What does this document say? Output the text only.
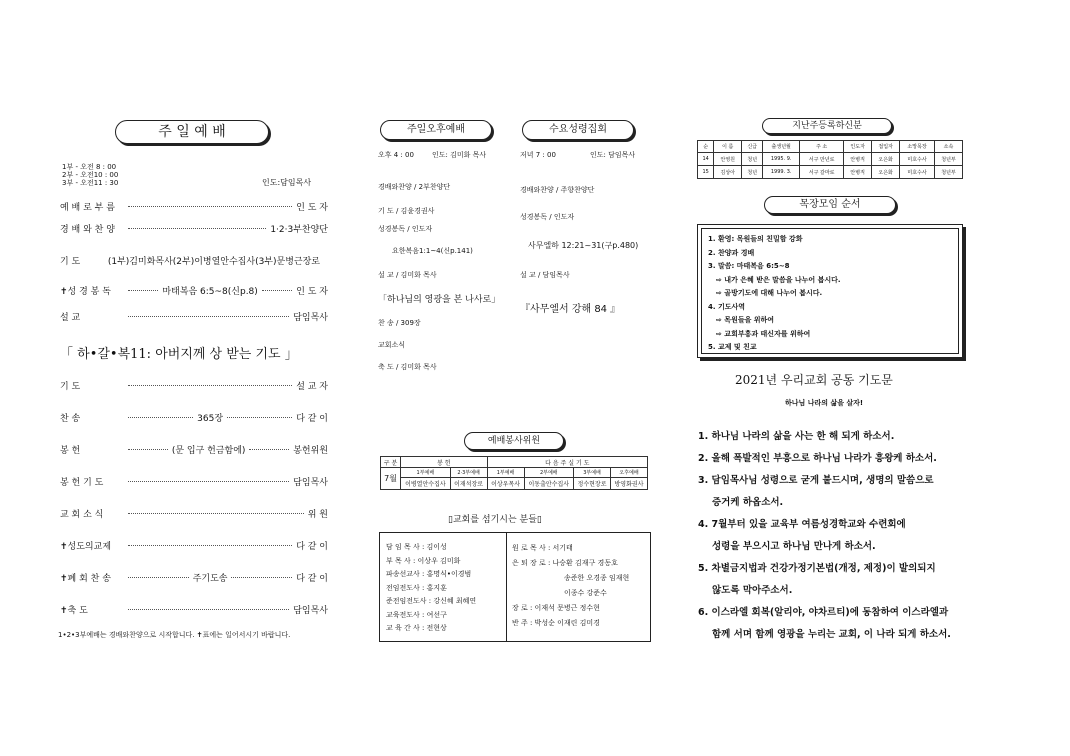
주 일 예 배
1부 - 오전 8 : 00
2부 - 오전10 : 00
3부 - 오전11 : 30	인도:담임목사
예 배 로 부 름	인 도 자
경 배 와 찬 양	1·2·3부찬양단
기 도	(1부)김미화목사(2부)이병열안수집사(3부)문병근장로
✝성 경 봉 독	마태복음 6:5~8(신p.8)	인 도 자
설 교	담임목사
「 하•갈•복11: 아버지께 상 받는 기도 」
기 도	설 교 자
찬 송	365장	다 같 이
봉 헌	(문 입구 헌금함에)	봉헌위원
봉 헌 기 도	담임목사
교 회 소 식	위 원
✝성도의교제	다 같 이
✝폐 회 찬 송	주기도송	다 같 이
✝축 도	담임목사
1•2•3부예배는 경배와찬양으로 시작합니다. ✝표에는 일어서시기 바랍니다.
주일오후예배	수요성령집회
오후 4 : 00	인도: 김미화 목사	저녁 7 : 00	인도: 담임목사
경배와찬양 / 2부찬양단
기 도 / 김윤경권사
성경봉독 / 인도자
요한복음1:1~4(신p.141)
설 교 / 김미화 목사
「하나님의 영광을 본 나사로」
찬 송 / 309장
교회소식
축 도 / 김미화 목사
경배와찬양 / 주향찬양단
성경봉독 / 인도자
사무엘하 12:21~31(구p.480)
설 교 / 담임목사
『사무엘서 강해 84 』
예배봉사위원
구 분	봉 헌		다 음 주 실 기 도			
7월	1부예배	2·3부예배	1부예배	2부예배	3부예배	오후예배
	이병열안수집사	이재석장로	이상우목사	이동출안수집사	정수현장로	방영화권사
▯교회를 섬기시는 분들▯
담 임 목 사 : 김이성
부 목 사 : 이상우 김미화
파송선교사 : 홍명식•이경범
전임전도사 : 홍지훈
준전임전도사 : 강신혜 최혜연
교육전도사 : 여선구
교 육 간 사 : 전현상
원 로 목 사 : 서기태
은 퇴 장 로 : 나승환 김재구 경동호
송준한 오경종 임재현
이종수 강준수
장 로 : 이재석 문병근 정수현
반 주 : 박성순 이재린 김미경
지난주등록하신분
순	이 름	신급	출생년월	주 소	인도자	접입자	소망목장	소속
14	안영원	청년	1995. 9.	서구 만년로	안병직	오은화	미호수사	청년부
15	김상아	청년	1999. 3.	서구 갈마로	안병직	오은화	미호수사	청년부
목장모임 순서
1. 환영: 목원들의 친밀함 강화
2. 찬양과 경배
3. 말씀: 마태복음 6:5~8
⇨ 내가 은혜 받은 말씀을 나누어 봅시다.
⇨ 골방기도에 대해 나누어 봅시다.
4. 기도사역
⇨ 목원들을 위하여
⇨ 교회부흥과 태신자를 위하여
5. 교제 및 친교
2021년 우리교회 공동 기도문
하나님 나라의 삶을 살자!
1. 하나님 나라의 삶을 사는 한 해 되게 하소서.
2. 올해 폭발적인 부흥으로 하나님 나라가 흥왕케 하소서.
3. 담임목사님 성령으로 굳게 붙드시며, 생명의 말씀으로
증거케 하옵소서.
4. 7월부터 있을 교육부 여름성경학교와 수련회에
성령을 부으시고 하나님 만나게 하소서.
5. 차별금지법과 건강가정기본법(개정, 제정)이 발의되지
않도록 막아주소서.
6. 이스라엘 회복(알리야, 야차르티)에 동참하여 이스라엘과
함께 서며 함께 영광을 누리는 교회, 이 나라 되게 하소서.
